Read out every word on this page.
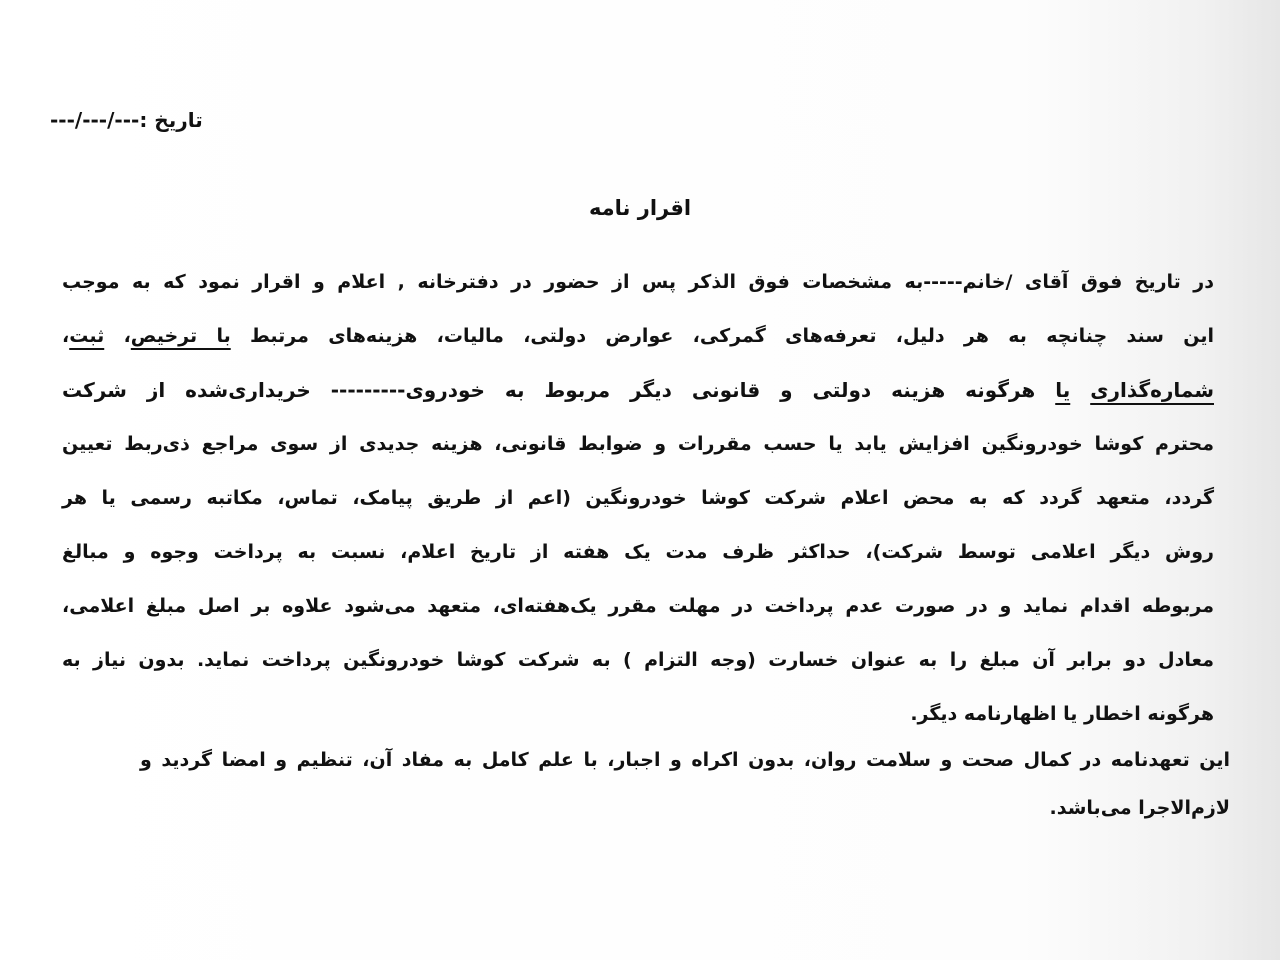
تاریخ :---/---/---
اقرار نامه
در تاریخ فوق آقای /خانم-----به مشخصات فوق الذکر پس از حضور در دفترخانه , اعلام و اقرار نمود که به موجب
این سند چنانچه به هر دلیل، تعرفه‌های گمرکی، عوارض دولتی، مالیات، هزینه‌های مرتبط با ترخیص، ثبت،
شماره‌گذاری یا هرگونه هزینه دولتی و قانونی دیگر مربوط به خودروی--------- خریداری‌شده از شرکت
محترم کوشا خودرونگین افزایش یابد یا حسب مقررات و ضوابط قانونی، هزینه جدیدی از سوی مراجع ذی‌ربط تعیین
گردد، متعهد گردد که به محض اعلام شرکت کوشا خودرونگین (اعم از طریق پیامک، تماس، مکاتبه رسمی یا هر
روش دیگر اعلامی توسط شرکت)، حداکثر ظرف مدت یک هفته از تاریخ اعلام، نسبت به پرداخت وجوه و مبالغ
مربوطه اقدام نماید و در صورت عدم پرداخت در مهلت مقرر یک‌هفته‌ای، متعهد می‌شود علاوه بر اصل مبلغ اعلامی،
معادل دو برابر آن مبلغ را به عنوان خسارت (وجه التزام ) به شرکت کوشا خودرونگین پرداخت نماید. بدون نیاز به
هرگونه اخطار یا اظهارنامه دیگر.
این تعهدنامه در کمال صحت و سلامت روان، بدون اکراه و اجبار، با علم کامل به مفاد آن، تنظیم و امضا گردید و
لازم‌الاجرا می‌باشد.
